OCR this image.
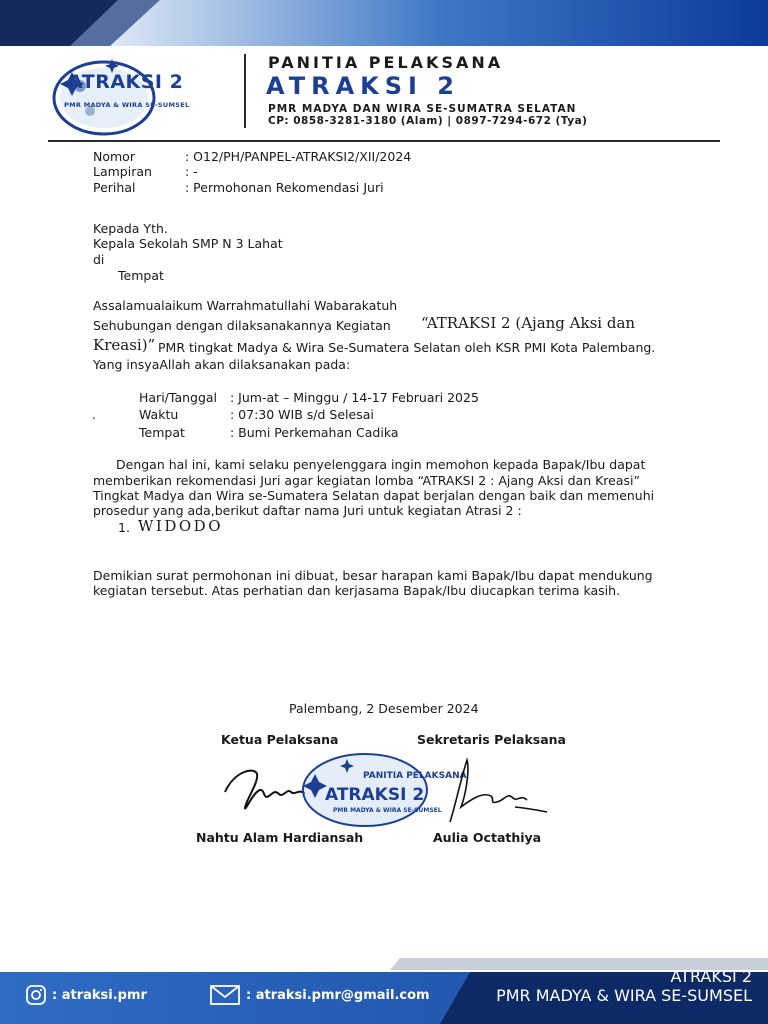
ATRAKSI 2
PMR MADYA & WIRA SE-SUMSEL
PANITIA PELAKSANA
ATRAKSI 2
PMR MADYA DAN WIRA SE-SUMATRA SELATAN
CP: 0858-3281-3180 (Alam) | 0897-7294-672 (Tya)
Nomor	: O12/PH/PANPEL-ATRAKSI2/XII/2024
Lampiran	: -
Perihal	: Permohonan Rekomendasi Juri
Kepada Yth.
Kepala Sekolah SMP N 3 Lahat
di
Tempat
Assalamualaikum Warrahmatullahi Wabarakatuh
Sehubungan dengan dilaksanakannya Kegiatan “ATRAKSI 2 (Ajang Aksi dan
Kreasi)” PMR tingkat Madya & Wira Se-Sumatera Selatan oleh KSR PMI Kota Palembang.
Yang insyaAllah akan dilaksanakan pada:
Hari/Tanggal : Jum-at – Minggu / 14-17 Februari 2025
.	Waktu	: 07:30 WIB s/d Selesai
Tempat	: Bumi Perkemahan Cadika
Dengan hal ini, kami selaku penyelenggara ingin memohon kepada Bapak/Ibu dapat
memberikan rekomendasi Juri agar kegiatan lomba “ATRAKSI 2 : Ajang Aksi dan Kreasi”
Tingkat Madya dan Wira se-Sumatera Selatan dapat berjalan dengan baik dan memenuhi
prosedur yang ada,berikut daftar nama Juri untuk kegiatan Atrasi 2 :
1. WIDODO
Demikian surat permohonan ini dibuat, besar harapan kami Bapak/Ibu dapat mendukung
kegiatan tersebut. Atas perhatian dan kerjasama Bapak/Ibu diucapkan terima kasih.
Palembang, 2 Desember 2024
Ketua Pelaksana	Sekretaris Pelaksana
PANITIA PELAKSANA
ATRAKSI 2
PMR MADYA & WIRA SE-SUMSEL
Nahtu Alam Hardiansah	Aulia Octathiya
: atraksi.pmr	: atraksi.pmr@gmail.com
ATRAKSI 2
PMR MADYA & WIRA SE-SUMSEL
